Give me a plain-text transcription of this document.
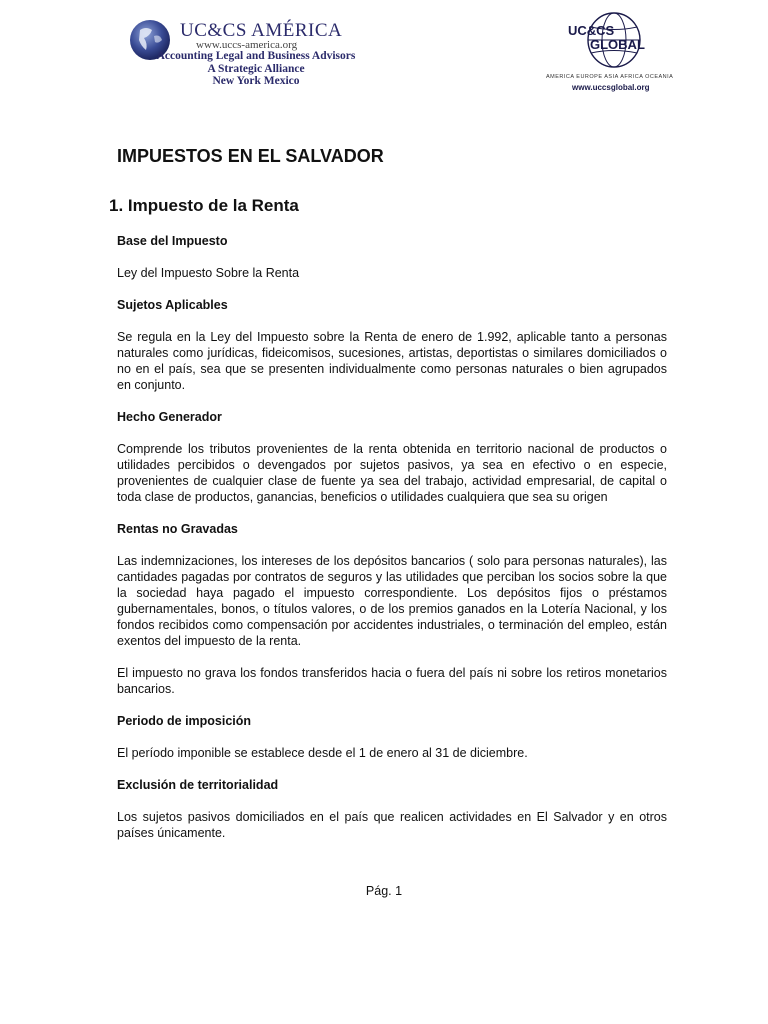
UC&CS AMÉRICA
www.uccs-america.org
Accounting Legal and Business Advisors
A Strategic Alliance
New York Mexico
UC&CS
GLOBAL
AMERICA EUROPE ASIA AFRICA OCEANIA
www.uccsglobal.org
IMPUESTOS EN EL SALVADOR
1. Impuesto de la Renta
Base del Impuesto

Ley del Impuesto Sobre la Renta

Sujetos Aplicables

Se regula en la Ley del Impuesto sobre la Renta de enero de 1.992, aplicable tanto a personas naturales como jurídicas, fideicomisos, sucesiones, artistas, deportistas o similares domiciliados o no en el país, sea que se presenten individualmente como personas naturales o bien agrupados en conjunto.

Hecho Generador

Comprende los tributos provenientes de la renta obtenida en territorio nacional de productos o utilidades percibidos o devengados por sujetos pasivos, ya sea en efectivo o en especie, provenientes de cualquier clase de fuente ya sea del trabajo, actividad empresarial, de capital o toda clase de productos, ganancias, beneficios o utilidades cualquiera que sea su origen

Rentas no Gravadas

Las indemnizaciones, los intereses de los depósitos bancarios ( solo para personas naturales), las cantidades pagadas por contratos de seguros y las utilidades que perciban los socios sobre la que la sociedad haya pagado el impuesto correspondiente. Los depósitos fijos o préstamos gubernamentales, bonos, o títulos valores, o de los premios ganados en la Lotería Nacional, y los fondos recibidos como compensación por accidentes industriales, o terminación del empleo, están exentos del impuesto de la renta.

El impuesto no grava los fondos transferidos hacia o fuera del país ni sobre los retiros monetarios bancarios.

Periodo de imposición

El período imponible se establece desde el 1 de enero al 31 de diciembre.

Exclusión de territorialidad

Los sujetos pasivos domiciliados en el país que realicen actividades en El Salvador y en otros países únicamente.

Pág. 1
